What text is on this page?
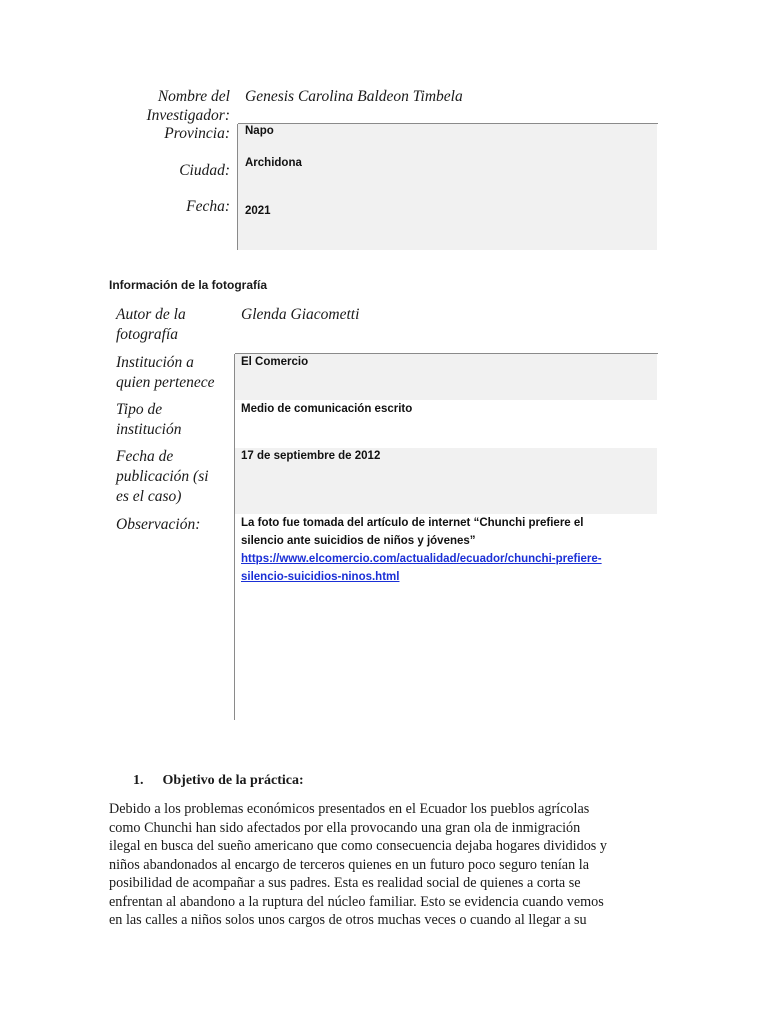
Nombre del
Investigador:
Genesis Carolina Baldeon Timbela
Provincia: Napo
Ciudad: Archidona
Fecha: 2021
Información de la fotografía
Autor de la
fotografía
Glenda Giacometti
Institución a
quien pertenece
El Comercio
Tipo de
institución
Medio de comunicación escrito
Fecha de
publicación (si
es el caso)
17 de septiembre de 2012
Observación:	La foto fue tomada del artículo de internet “Chunchi prefiere el
silencio ante suicidios de niños y jóvenes”
https://www.elcomercio.com/actualidad/ecuador/chunchi-prefiere-
silencio-suicidios-ninos.html
1. Objetivo de la práctica:
Debido a los problemas económicos presentados en el Ecuador los pueblos agrícolas
como Chunchi han sido afectados por ella provocando una gran ola de inmigración
ilegal en busca del sueño americano que como consecuencia dejaba hogares divididos y
niños abandonados al encargo de terceros quienes en un futuro poco seguro tenían la
posibilidad de acompañar a sus padres. Esta es realidad social de quienes a corta se
enfrentan al abandono a la ruptura del núcleo familiar. Esto se evidencia cuando vemos
en las calles a niños solos unos cargos de otros muchas veces o cuando al llegar a su
